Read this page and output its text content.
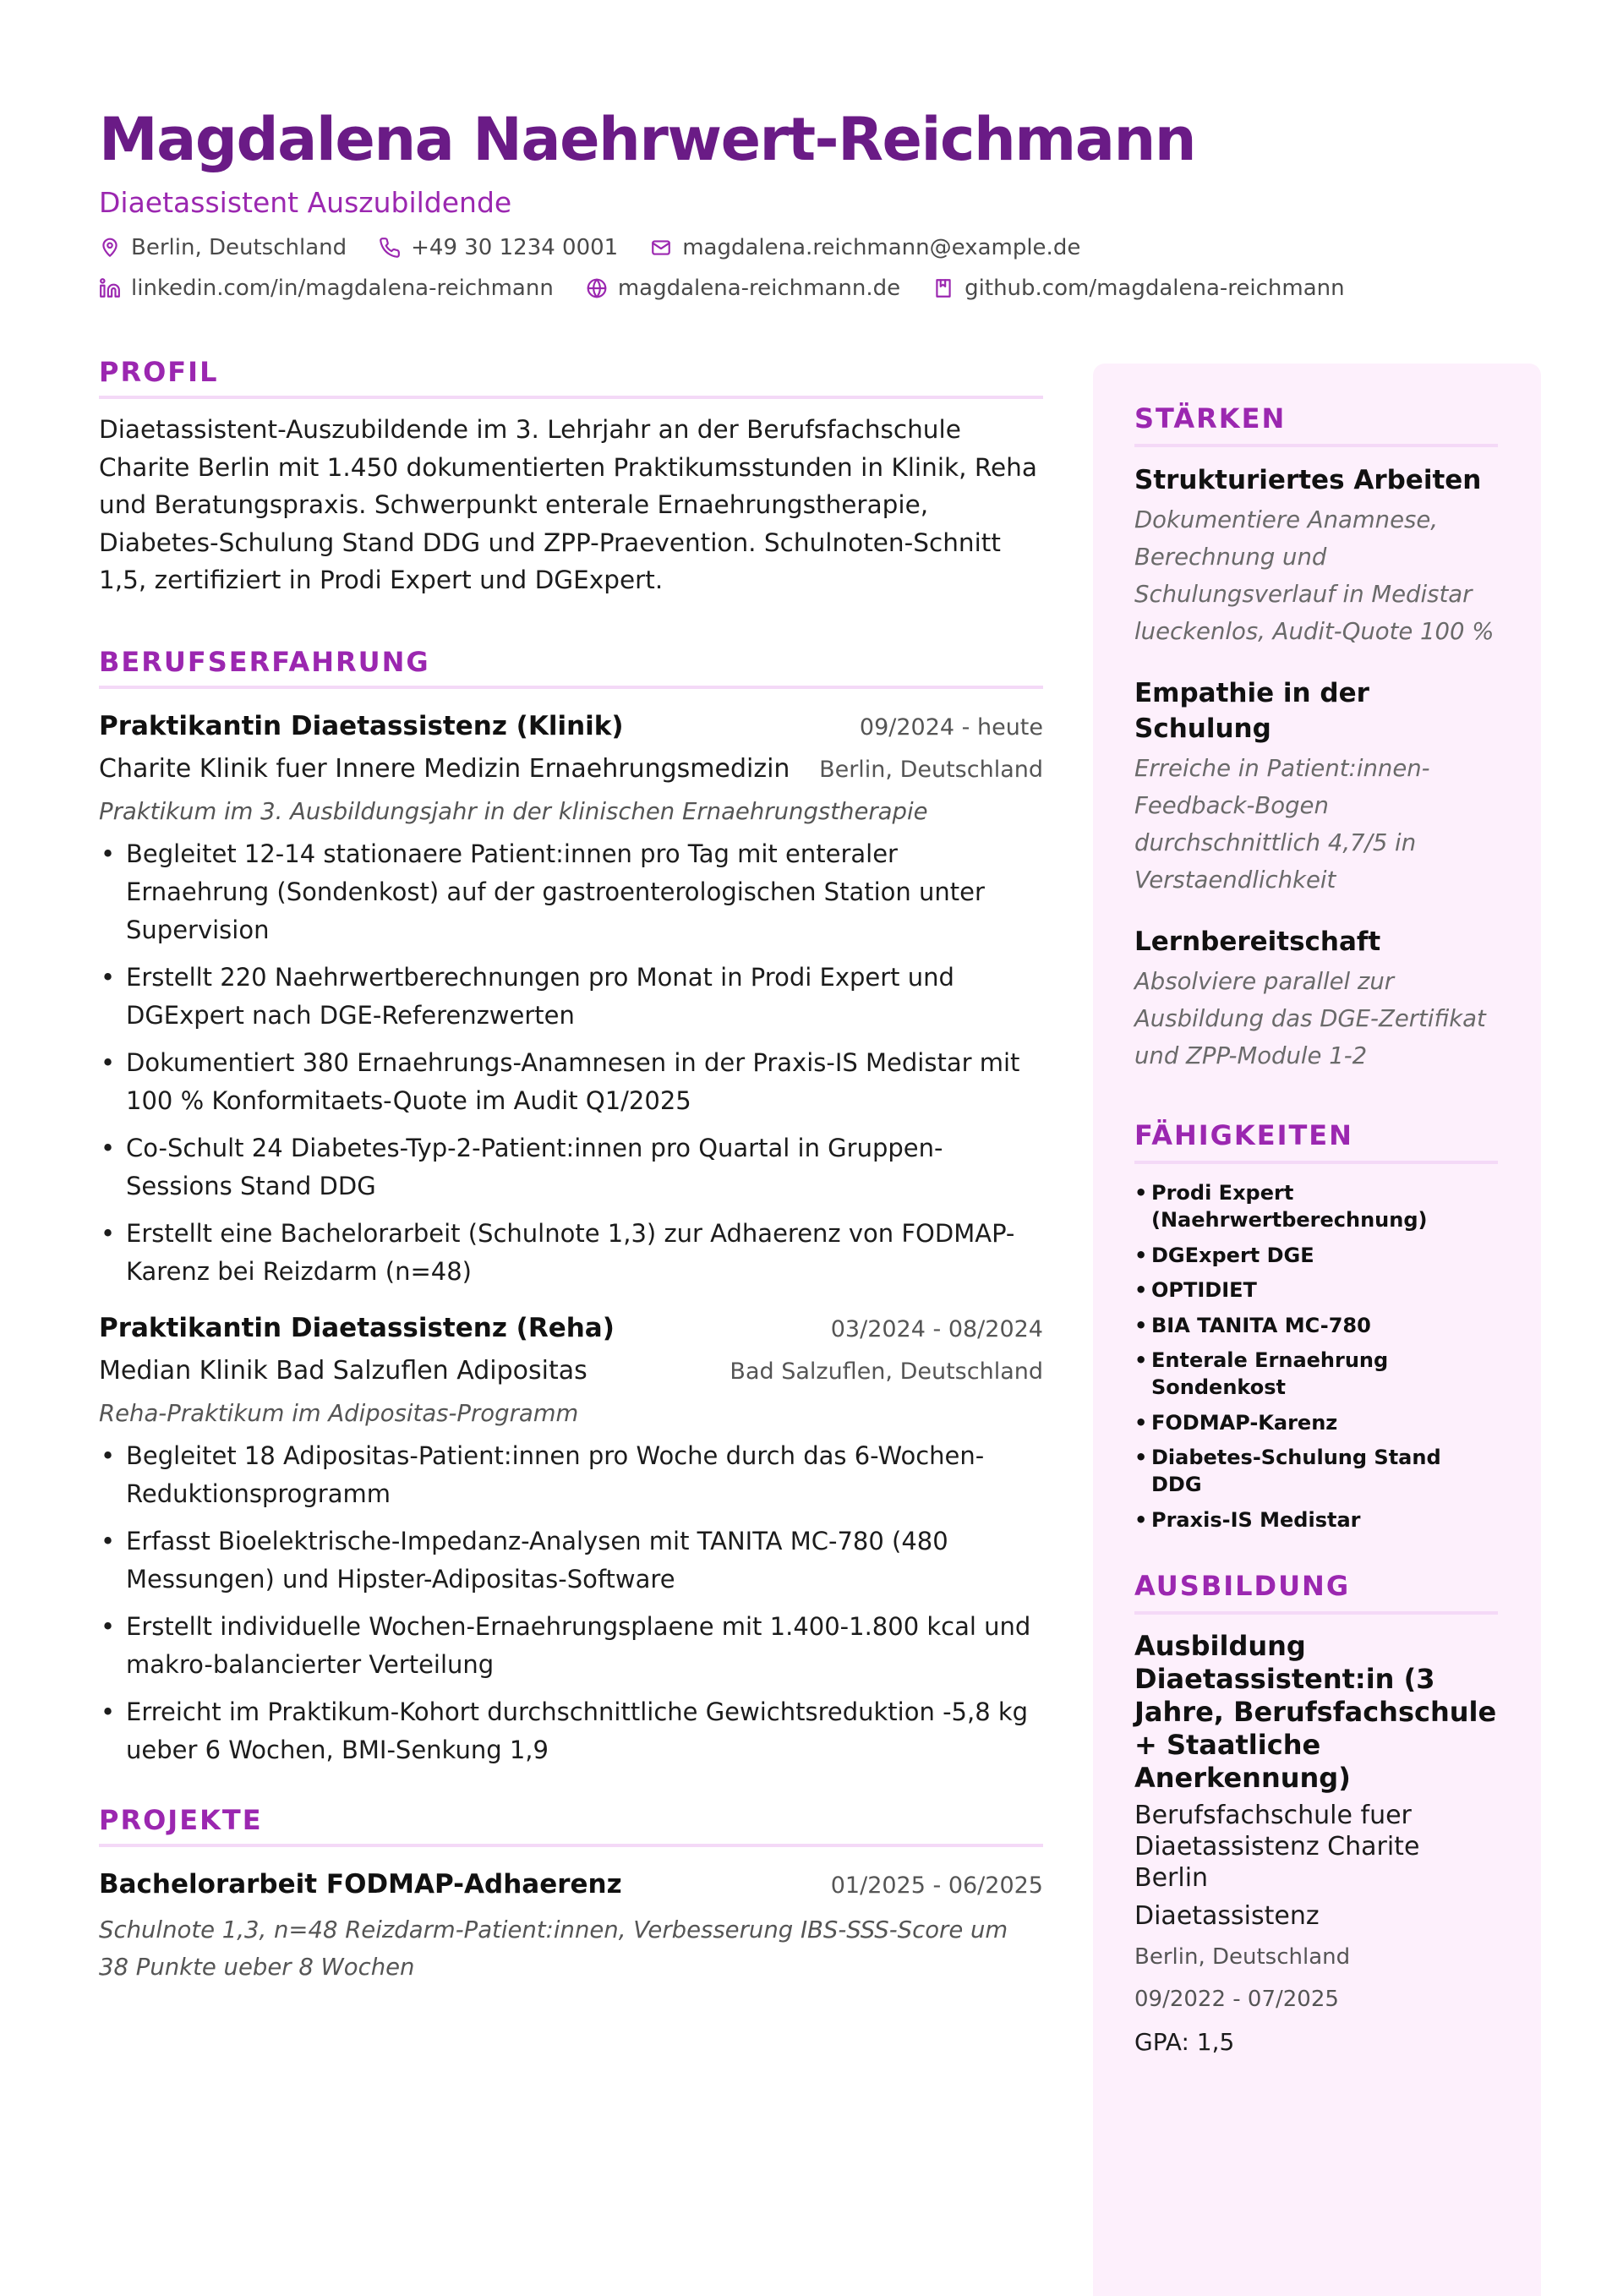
Magdalena Naehrwert-Reichmann
Diaetassistent Auszubildende
Berlin, Deutschland	+49 30 1234 0001	magdalena.reichmann@example.de
linkedin.com/in/magdalena-reichmann	magdalena-reichmann.de	github.com/magdalena-reichmann
PROFIL
Diaetassistent-Auszubildende im 3. Lehrjahr an der Berufsfachschule Charite Berlin mit 1.450 dokumentierten Praktikumsstunden in Klinik, Reha und Beratungspraxis. Schwerpunkt enterale Ernaehrungstherapie, Diabetes-Schulung Stand DDG und ZPP-Praevention. Schulnoten-Schnitt 1,5, zertifiziert in Prodi Expert und DGExpert.
BERUFSERFAHRUNG
Praktikantin Diaetassistenz (Klinik)	09/2024 - heute
Charite Klinik fuer Innere Medizin Ernaehrungsmedizin Berlin, Deutschland
Praktikum im 3. Ausbildungsjahr in der klinischen Ernaehrungstherapie
• Begleitet 12-14 stationaere Patient:innen pro Tag mit enteraler Ernaehrung (Sondenkost) auf der gastroenterologischen Station unter Supervision
• Erstellt 220 Naehrwertberechnungen pro Monat in Prodi Expert und DGExpert nach DGE-Referenzwerten
• Dokumentiert 380 Ernaehrungs-Anamnesen in der Praxis-IS Medistar mit 100 % Konformitaets-Quote im Audit Q1/2025
• Co-Schult 24 Diabetes-Typ-2-Patient:innen pro Quartal in Gruppen-Sessions Stand DDG
• Erstellt eine Bachelorarbeit (Schulnote 1,3) zur Adhaerenz von FODMAP-Karenz bei Reizdarm (n=48)
Praktikantin Diaetassistenz (Reha)	03/2024 - 08/2024
Median Klinik Bad Salzuflen Adipositas	Bad Salzuflen, Deutschland
Reha-Praktikum im Adipositas-Programm
• Begleitet 18 Adipositas-Patient:innen pro Woche durch das 6-Wochen-Reduktionsprogramm
• Erfasst Bioelektrische-Impedanz-Analysen mit TANITA MC-780 (480 Messungen) und Hipster-Adipositas-Software
• Erstellt individuelle Wochen-Ernaehrungsplaene mit 1.400-1.800 kcal und makro-balancierter Verteilung
• Erreicht im Praktikum-Kohort durchschnittliche Gewichtsreduktion -5,8 kg ueber 6 Wochen, BMI-Senkung 1,9
PROJEKTE
Bachelorarbeit FODMAP-Adhaerenz	01/2025 - 06/2025
Schulnote 1,3, n=48 Reizdarm-Patient:innen, Verbesserung IBS-SSS-Score um 38 Punkte ueber 8 Wochen
STÄRKEN
Strukturiertes Arbeiten
Dokumentiere Anamnese, Berechnung und Schulungsverlauf in Medistar lueckenlos, Audit-Quote 100 %
Empathie in der Schulung
Erreiche in Patient:innen-Feedback-Bogen durchschnittlich 4,7/5 in Verstaendlichkeit
Lernbereitschaft
Absolviere parallel zur Ausbildung das DGE-Zertifikat und ZPP-Module 1-2
FÄHIGKEITEN
• Prodi Expert (Naehrwertberechnung)
• DGExpert DGE
• OPTIDIET
• BIA TANITA MC-780
• Enterale Ernaehrung Sondenkost
• FODMAP-Karenz
• Diabetes-Schulung Stand DDG
• Praxis-IS Medistar
AUSBILDUNG
Ausbildung Diaetassistent:in (3 Jahre, Berufsfachschule + Staatliche Anerkennung)
Berufsfachschule fuer Diaetassistenz Charite Berlin
Diaetassistenz
Berlin, Deutschland
09/2022 - 07/2025
GPA: 1,5
